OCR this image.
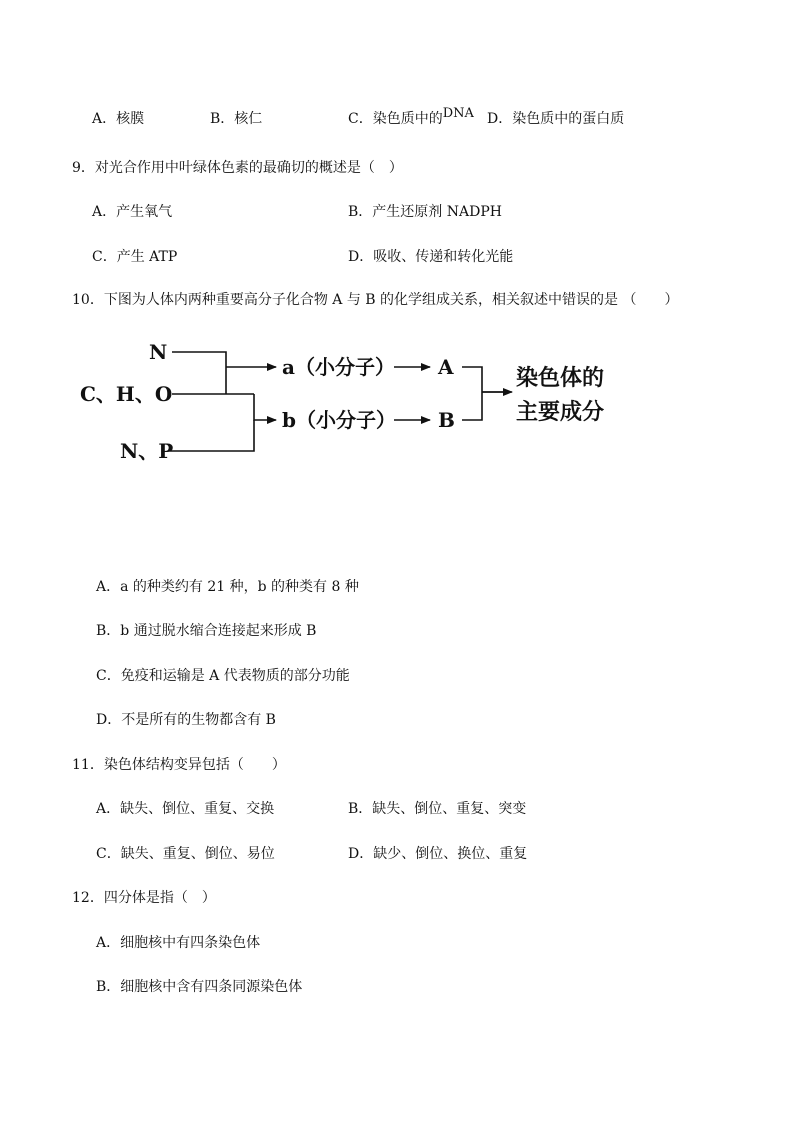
A．核膜	B．核仁	C．染色质中的DNA D．染色质中的蛋白质
9．对光合作用中叶绿体色素的最确切的概述是（　）
A．产生氧气	B．产生还原剂 NADPH
C．产生 ATP	D．吸收、传递和转化光能
10．下图为人体内两种重要高分子化合物 A 与 B 的化学组成关系，相关叙述中错误的是 （　　）
N
C、H、O
N、P
a（小分子）
b（小分子）
A
B
染色体的
主要成分
A．a 的种类约有 21 种，b 的种类有 8 种
B．b 通过脱水缩合连接起来形成 B
C．免疫和运输是 A 代表物质的部分功能
D．不是所有的生物都含有 B
11．染色体结构变异包括（　　）
A．缺失、倒位、重复、交换	B．缺失、倒位、重复、突变
C．缺失、重复、倒位、易位	D．缺少、倒位、换位、重复
12．四分体是指（　）
A．细胞核中有四条染色体
B．细胞核中含有四条同源染色体
